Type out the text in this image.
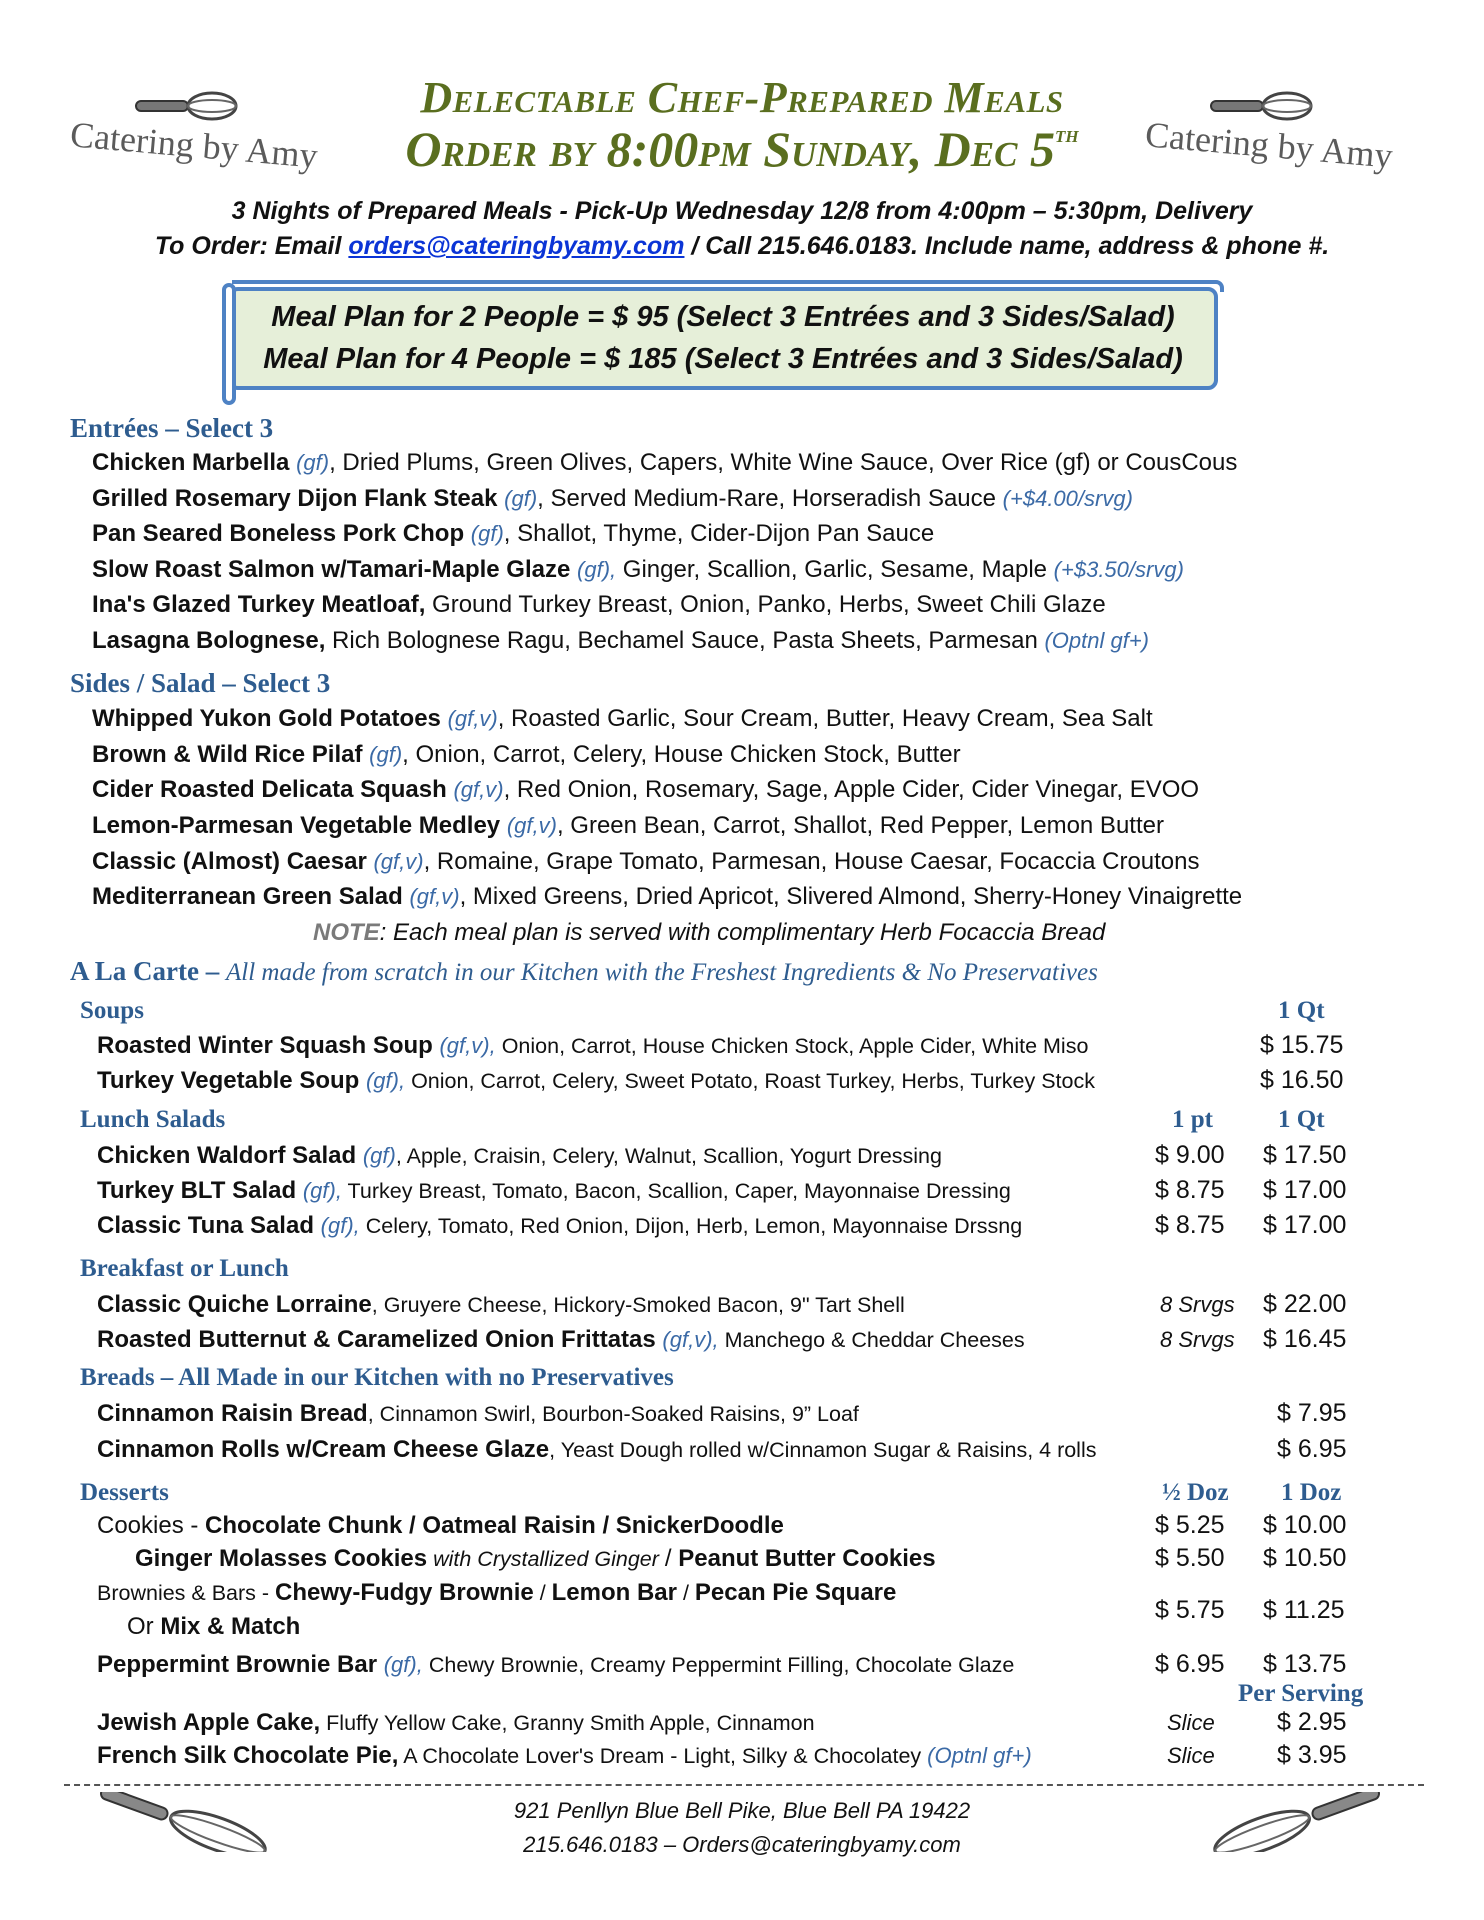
Catering by Amy	Catering by Amy
Delectable Chef-Prepared Meals
Order by 8:00pm Sunday, Dec 5th
3 Nights of Prepared Meals - Pick-Up Wednesday 12/8 from 4:00pm – 5:30pm, Delivery
To Order: Email orders@cateringbyamy.com / Call 215.646.0183. Include name, address & phone #.
Meal Plan for 2 People = $ 95 (Select 3 Entrées and 3 Sides/Salad)
Meal Plan for 4 People = $ 185 (Select 3 Entrées and 3 Sides/Salad)
Entrées – Select 3
Chicken Marbella (gf), Dried Plums, Green Olives, Capers, White Wine Sauce, Over Rice (gf) or CousCous
Grilled Rosemary Dijon Flank Steak (gf), Served Medium-Rare, Horseradish Sauce (+$4.00/srvg)
Pan Seared Boneless Pork Chop (gf), Shallot, Thyme, Cider-Dijon Pan Sauce
Slow Roast Salmon w/Tamari-Maple Glaze (gf), Ginger, Scallion, Garlic, Sesame, Maple (+$3.50/srvg)
Ina's Glazed Turkey Meatloaf, Ground Turkey Breast, Onion, Panko, Herbs, Sweet Chili Glaze
Lasagna Bolognese, Rich Bolognese Ragu, Bechamel Sauce, Pasta Sheets, Parmesan (Optnl gf+)
Sides / Salad – Select 3
Whipped Yukon Gold Potatoes (gf,v), Roasted Garlic, Sour Cream, Butter, Heavy Cream, Sea Salt
Brown & Wild Rice Pilaf (gf), Onion, Carrot, Celery, House Chicken Stock, Butter
Cider Roasted Delicata Squash (gf,v), Red Onion, Rosemary, Sage, Apple Cider, Cider Vinegar, EVOO
Lemon-Parmesan Vegetable Medley (gf,v), Green Bean, Carrot, Shallot, Red Pepper, Lemon Butter
Classic (Almost) Caesar (gf,v), Romaine, Grape Tomato, Parmesan, House Caesar, Focaccia Croutons
Mediterranean Green Salad (gf,v), Mixed Greens, Dried Apricot, Slivered Almond, Sherry-Honey Vinaigrette
NOTE: Each meal plan is served with complimentary Herb Focaccia Bread
A La Carte – All made from scratch in our Kitchen with the Freshest Ingredients & No Preservatives
Soups	1 Qt
Roasted Winter Squash Soup (gf,v), Onion, Carrot, House Chicken Stock, Apple Cider, White Miso	$ 15.75
Turkey Vegetable Soup (gf), Onion, Carrot, Celery, Sweet Potato, Roast Turkey, Herbs, Turkey Stock	$ 16.50
Lunch Salads	1 pt	1 Qt
Chicken Waldorf Salad (gf), Apple, Craisin, Celery, Walnut, Scallion, Yogurt Dressing	$ 9.00 $ 17.50
Turkey BLT Salad (gf), Turkey Breast, Tomato, Bacon, Scallion, Caper, Mayonnaise Dressing	$ 8.75 $ 17.00
Classic Tuna Salad (gf), Celery, Tomato, Red Onion, Dijon, Herb, Lemon, Mayonnaise Drssng	$ 8.75 $ 17.00
Breakfast or Lunch
Classic Quiche Lorraine, Gruyere Cheese, Hickory-Smoked Bacon, 9" Tart Shell	8 Srvgs $ 22.00
Roasted Butternut & Caramelized Onion Frittatas (gf,v), Manchego & Cheddar Cheeses	8 Srvgs $ 16.45
Breads – All Made in our Kitchen with no Preservatives
Cinnamon Raisin Bread, Cinnamon Swirl, Bourbon-Soaked Raisins, 9” Loaf	$ 7.95
Cinnamon Rolls w/Cream Cheese Glaze, Yeast Dough rolled w/Cinnamon Sugar & Raisins, 4 rolls	$ 6.95
Desserts	½ Doz 1 Doz
Cookies - Chocolate Chunk / Oatmeal Raisin / SnickerDoodle	$ 5.25 $ 10.00
Ginger Molasses Cookies with Crystallized Ginger / Peanut Butter Cookies	$ 5.50 $ 10.50
Brownies & Bars - Chewy-Fudgy Brownie / Lemon Bar / Pecan Pie Square
Or Mix & Match
$ 5.75 $ 11.25
Peppermint Brownie Bar (gf), Chewy Brownie, Creamy Peppermint Filling, Chocolate Glaze	$ 6.95 $ 13.75
Per Serving
Jewish Apple Cake, Fluffy Yellow Cake, Granny Smith Apple, Cinnamon	Slice $ 2.95
French Silk Chocolate Pie, A Chocolate Lover's Dream - Light, Silky & Chocolatey (Optnl gf+)	Slice $ 3.95
921 Penllyn Blue Bell Pike, Blue Bell PA 19422
215.646.0183 – Orders@cateringbyamy.com
